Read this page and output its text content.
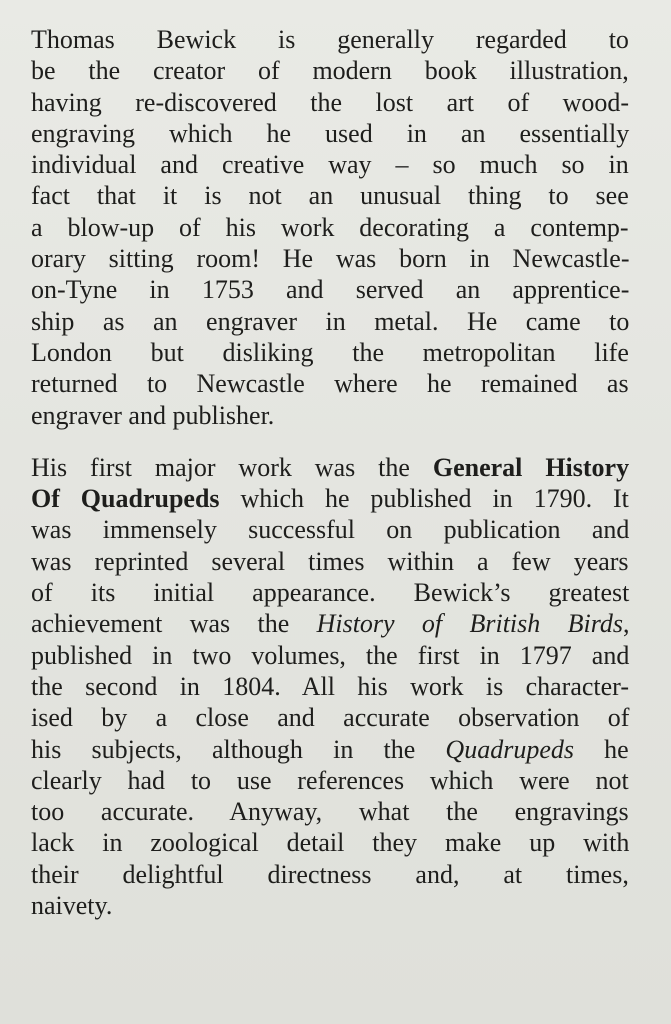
Thomas Bewick is generally regarded to
be the creator of modern book illustration,
having re-discovered the lost art of wood-
engraving which he used in an essentially
individual and creative way – so much so in
fact that it is not an unusual thing to see
a blow-up of his work decorating a contemp-
orary sitting room! He was born in Newcastle-
on-Tyne in 1753 and served an apprentice-
ship as an engraver in metal. He came to
London but disliking the metropolitan life
returned to Newcastle where he remained as
engraver and publisher.
His first major work was the General History
Of Quadrupeds which he published in 1790. It
was immensely successful on publication and
was reprinted several times within a few years
of its initial appearance. Bewick’s greatest
achievement was the History of British Birds,
published in two volumes, the first in 1797 and
the second in 1804. All his work is character-
ised by a close and accurate observation of
his subjects, although in the Quadrupeds he
clearly had to use references which were not
too accurate. Anyway, what the engravings
lack in zoological detail they make up with
their delightful directness and, at times,
naivety.
